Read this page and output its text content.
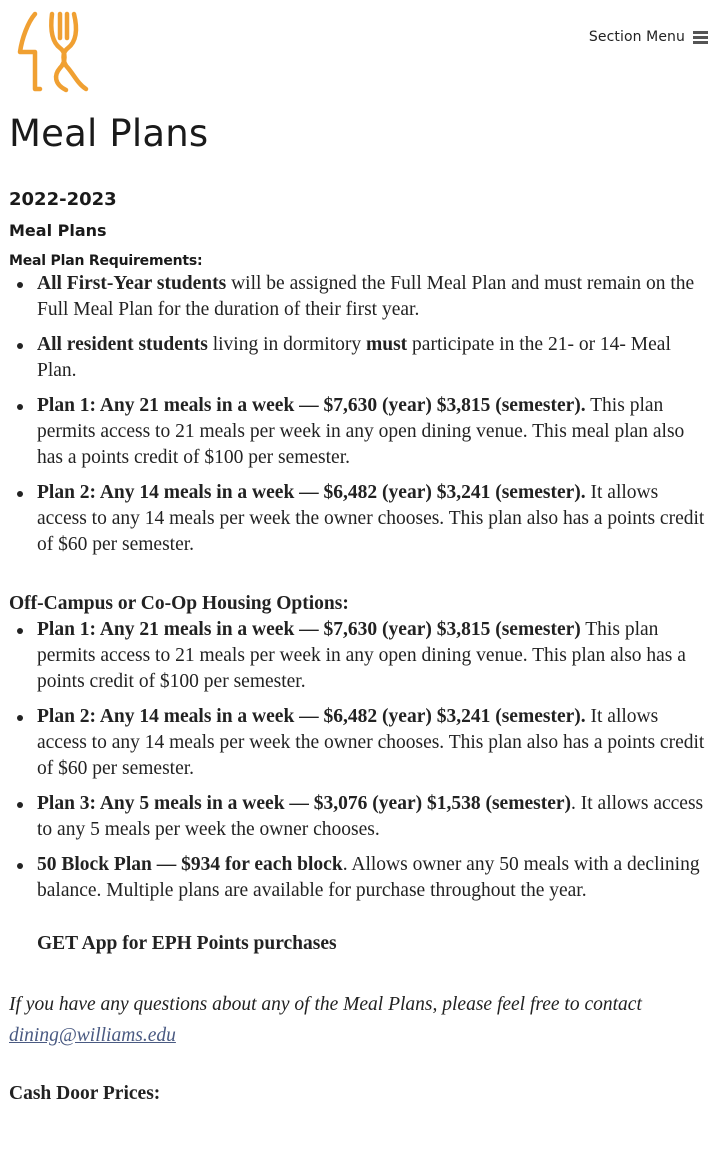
Section Menu
Meal Plans
2022-2023
Meal Plans
Meal Plan Requirements:
All First-Year students will be assigned the Full Meal Plan and must remain on the Full Meal Plan for the duration of their first year.
All resident students living in dormitory must participate in the 21- or 14- Meal Plan.
Plan 1: Any 21 meals in a week — $7,630 (year) $3,815 (semester). This plan permits access to 21 meals per week in any open dining venue. This meal plan also has a points credit of $100 per semester.
Plan 2: Any 14 meals in a week — $6,482 (year) $3,241 (semester). It allows access to any 14 meals per week the owner chooses. This plan also has a points credit of $60 per semester.
Off-Campus or Co-Op Housing Options:
Plan 1: Any 21 meals in a week — $7,630 (year) $3,815 (semester) This plan permits access to 21 meals per week in any open dining venue. This plan also has a points credit of $100 per semester.
Plan 2: Any 14 meals in a week — $6,482 (year) $3,241 (semester). It allows access to any 14 meals per week the owner chooses. This plan also has a points credit of $60 per semester.
Plan 3: Any 5 meals in a week — $3,076 (year) $1,538 (semester). It allows access to any 5 meals per week the owner chooses.
50 Block Plan — $934 for each block. Allows owner any 50 meals with a declining balance. Multiple plans are available for purchase throughout the year.
GET App for EPH Points purchases

If you have any questions about any of the Meal Plans, please feel free to contact dining@williams.edu

Cash Door Prices:
